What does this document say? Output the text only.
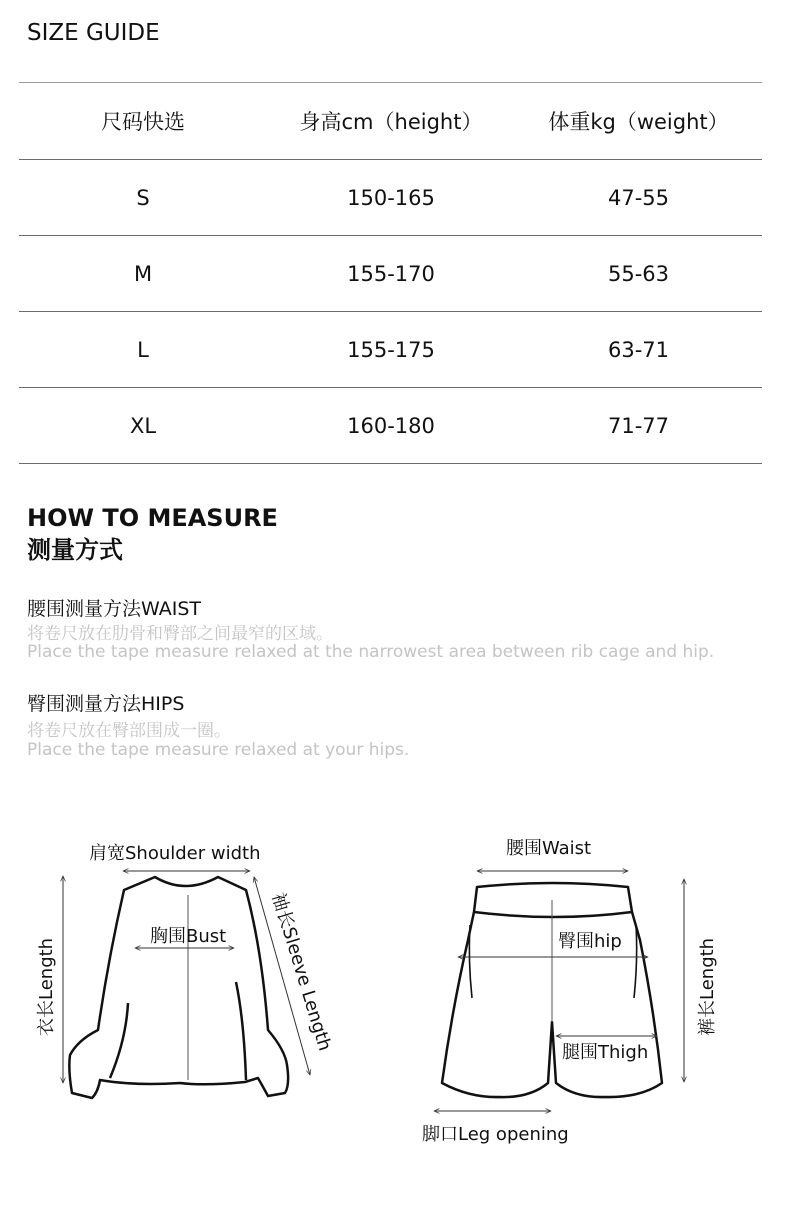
SIZE GUIDE
尺码快选	身高cm（height）	体重kg（weight）
S	150-165	47-55
M	155-170	55-63
L	155-175	63-71
XL	160-180	71-77
HOW TO MEASURE
测量方式
腰围测量方法WAIST
将卷尺放在肋骨和臀部之间最窄的区域。
Place the tape measure relaxed at the narrowest area between rib cage and hip.
臀围测量方法HIPS
将卷尺放在臀部围成一圈。
Place the tape measure relaxed at your hips.
肩宽Shoulder width
胸围Bust
衣长Length	袖长Sleeve Length
腰围Waist
臀围hip
腿围Thigh
裤长Length
脚口Leg opening
